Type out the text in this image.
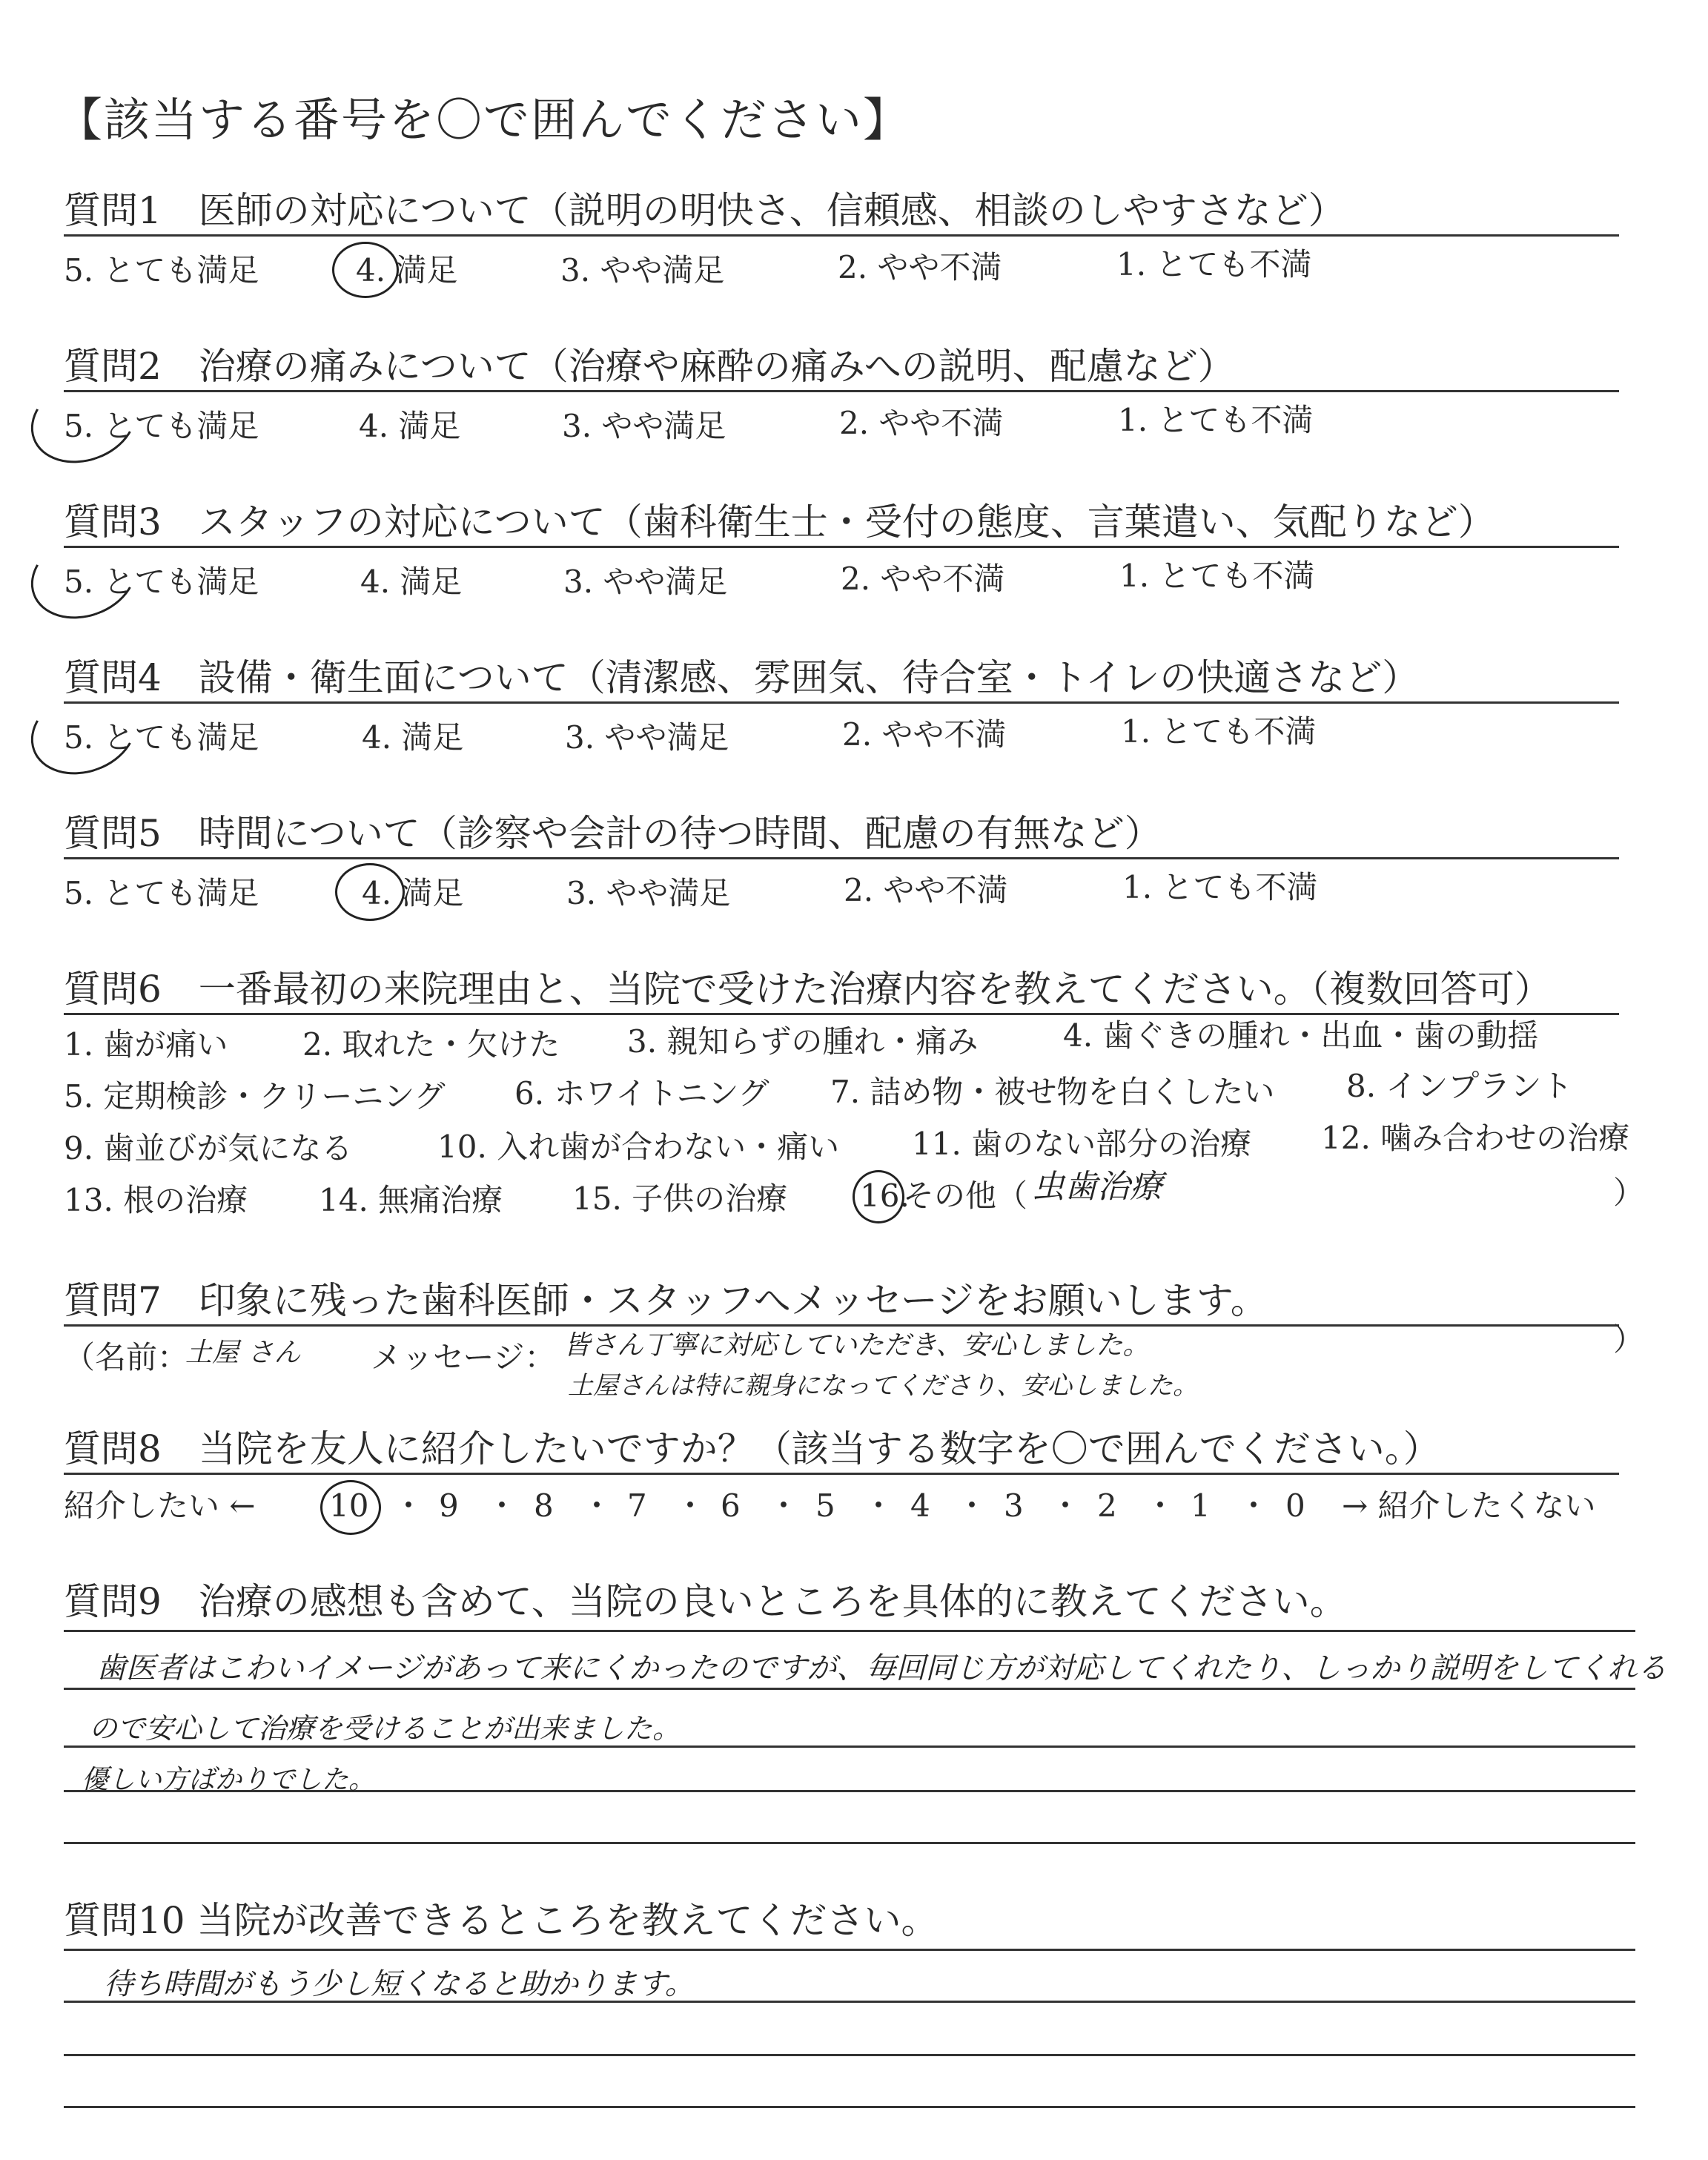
【該当する番号を〇で囲んでください】
質問1　医師の対応について（説明の明快さ、信頼感、相談のしやすさなど）
5. とても満足	4. 満足	3. やや満足	2. やや不満	1. とても不満
質問2　治療の痛みについて（治療や麻酔の痛みへの説明、配慮など）
5. とても満足	4. 満足	3. やや満足	2. やや不満	1. とても不満
質問3　スタッフの対応について（歯科衛生士・受付の態度、言葉遣い、気配りなど）
5. とても満足	4. 満足	3. やや満足	2. やや不満	1. とても不満
質問4　設備・衛生面について（清潔感、雰囲気、待合室・トイレの快適さなど）
5. とても満足	4. 満足	3. やや満足	2. やや不満	1. とても不満
質問5　時間について（診察や会計の待つ時間、配慮の有無など）
5. とても満足	4. 満足	3. やや満足	2. やや不満	1. とても不満
質問6　一番最初の来院理由と、当院で受けた治療内容を教えてください。（複数回答可）
1. 歯が痛い 2. 取れた・欠けた 3. 親知らずの腫れ・痛み	4. 歯ぐきの腫れ・出血・歯の動揺
5. 定期検診・クリーニング 6. ホワイトニング 7. 詰め物・被せ物を白くしたい 8. インプラント
9. 歯並びが気になる	10. 入れ歯が合わない・痛い 11. 歯のない部分の治療 12. 噛み合わせの治療
13. 根の治療 14. 無痛治療 15. 子供の治療 16.
その他（ 虫歯治療	）
質問7　印象に残った歯科医師・スタッフへメッセージをお願いします。
（名前：
土屋 さん メッセージ： 皆さん丁寧に対応していただき、安心しました。
土屋さんは特に親身になってくださり、安心しました。
）
質問8　当院を友人に紹介したいですか？（該当する数字を〇で囲んでください。）
紹介したい ← 10 ・ 9 ・ 8 ・ 7 ・ 6 ・ 5 ・ 4 ・ 3 ・ 2 ・ 1 ・ 0 → 紹介したくない
質問9　治療の感想も含めて、当院の良いところを具体的に教えてください。
歯医者はこわいイメージがあって来にくかったのですが、毎回同じ方が対応してくれたり、しっかり説明をしてくれる
ので安心して治療を受けることが出来ました。
優しい方ばかりでした。
質問10 当院が改善できるところを教えてください。
待ち時間がもう少し短くなると助かります。
